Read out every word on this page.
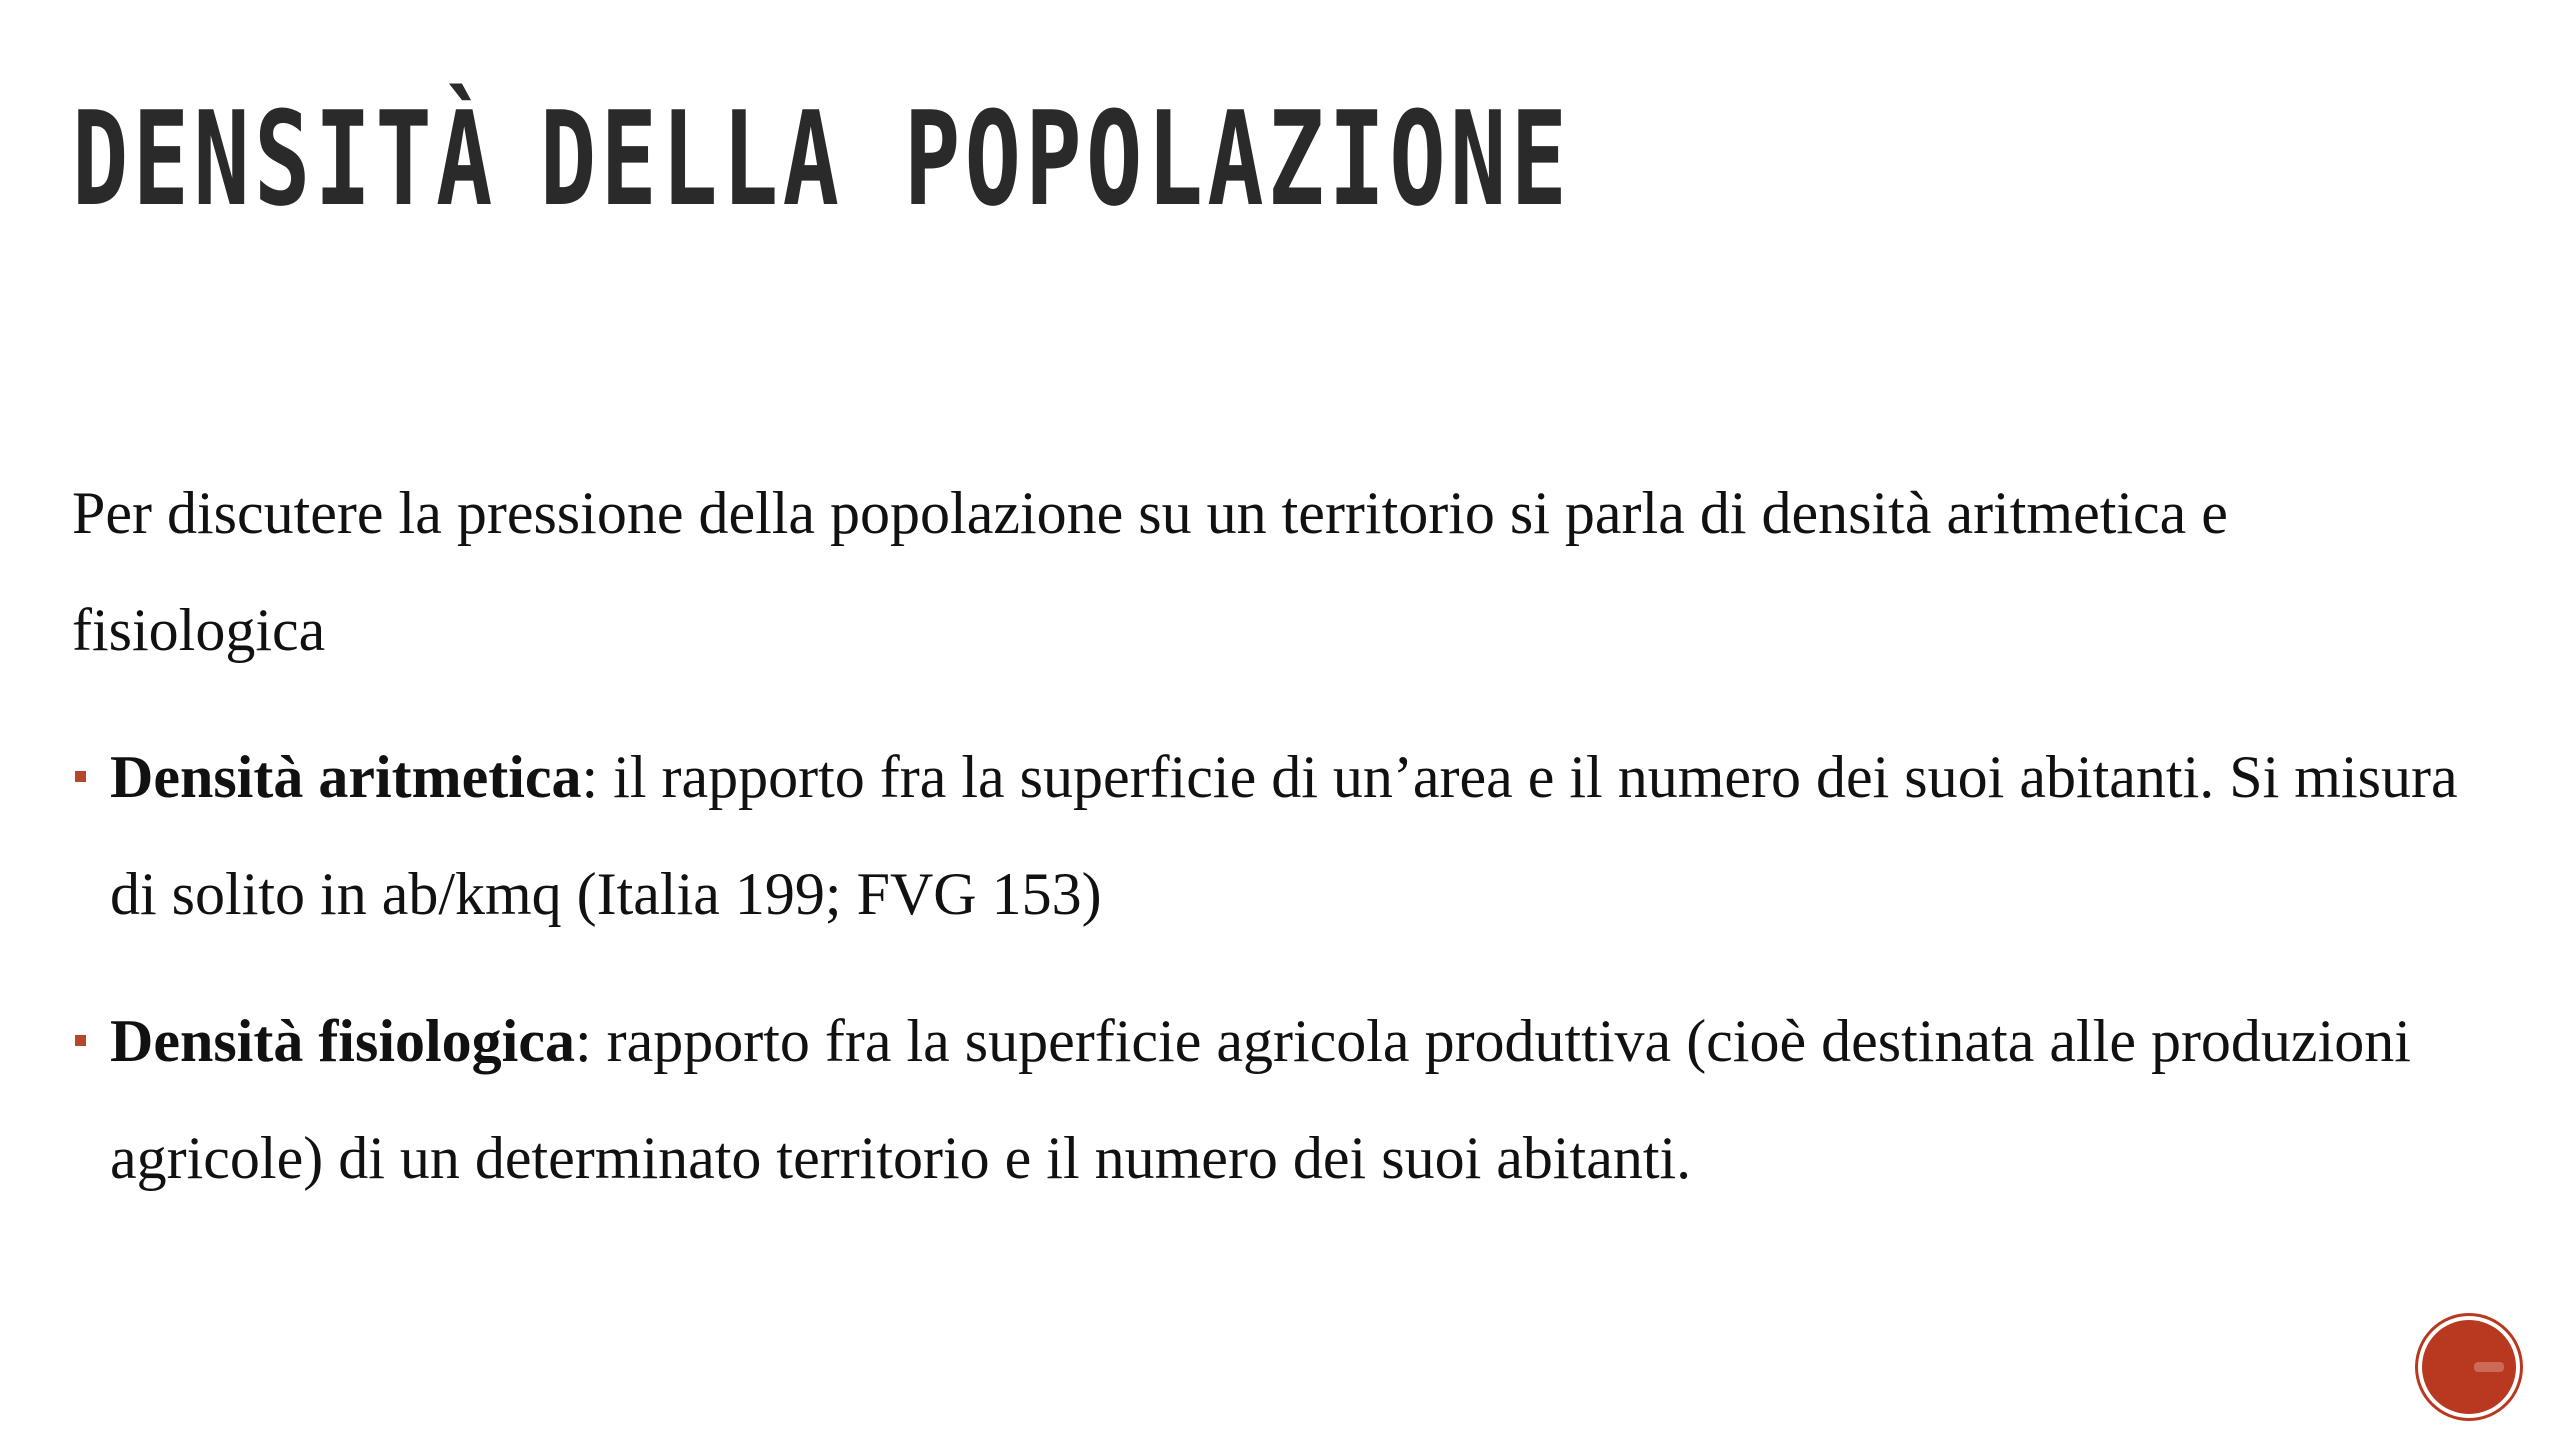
DENSITÀ DELLA POPOLAZIONE

Per discutere la pressione della popolazione su un territorio si parla di densità aritmetica e fisiologica

Densità aritmetica: il rapporto fra la superficie di un’area e il numero dei suoi abitanti. Si misura di solito in ab/kmq (Italia 199; FVG 153)
Densità fisiologica: rapporto fra la superficie agricola produttiva (cioè destinata alle produzioni agricole) di un determinato territorio e il numero dei suoi abitanti.
